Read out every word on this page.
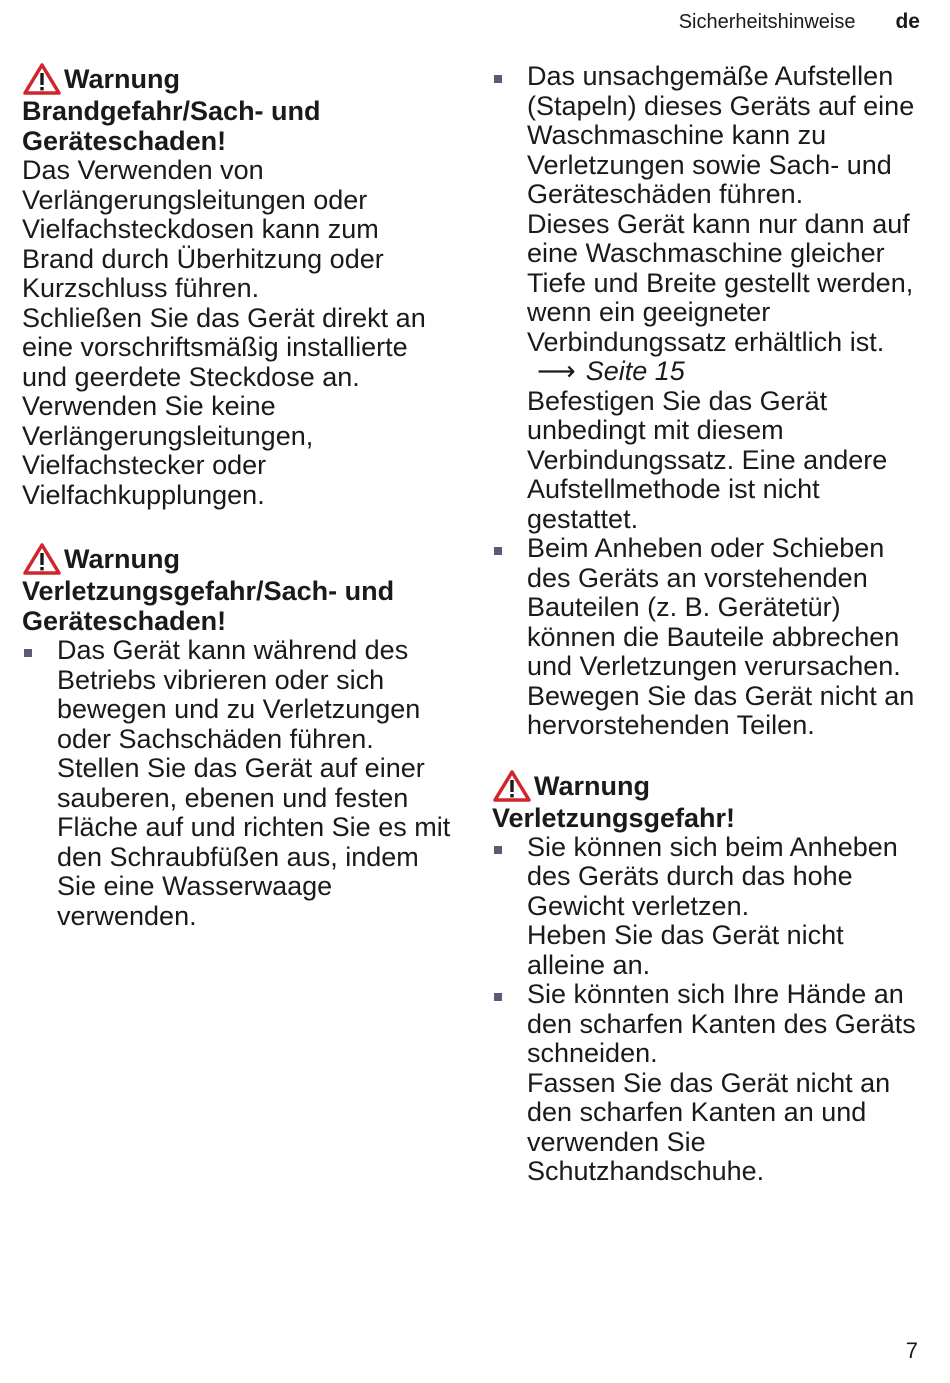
Sicherheitshinweise de
Warnung
Brandgefahr/Sach- und Geräteschaden!

Das Verwenden von Verlängerungsleitungen oder Vielfachsteckdosen kann zum Brand durch Überhitzung oder Kurzschluss führen.

Schließen Sie das Gerät direkt an eine vorschriftsmäßig installierte und geerdete Steckdose an. Verwenden Sie keine Verlängerungsleitungen, Vielfachstecker oder Vielfachkupplungen.

Warnung
Verletzungsgefahr/Sach- und Geräteschaden!

Das Gerät kann während des Betriebs vibrieren oder sich bewegen und zu Verletzungen oder Sachschäden führen.

Stellen Sie das Gerät auf einer sauberen, ebenen und festen Fläche auf und richten Sie es mit den Schraubfüßen aus, indem Sie eine Wasserwaage verwenden.

Das unsachgemäße Aufstellen (Stapeln) dieses Geräts auf eine Waschmaschine kann zu Verletzungen sowie Sach- und Geräteschäden führen.

Dieses Gerät kann nur dann auf eine Waschmaschine gleicher Tiefe und Breite gestellt werden, wenn ein geeigneter Verbindungssatz erhältlich ist.⟶ Seite 15

Befestigen Sie das Gerät unbedingt mit diesem Verbindungssatz. Eine andere Aufstellmethode ist nicht gestattet.

Beim Anheben oder Schieben des Geräts an vorstehenden Bauteilen (z. B. Gerätetür) können die Bauteile abbrechen und Verletzungen verursachen.

Bewegen Sie das Gerät nicht an hervorstehenden Teilen.

Warnung
Verletzungsgefahr!

Sie können sich beim Anheben des Geräts durch das hohe Gewicht verletzen.

Heben Sie das Gerät nicht alleine an.

Sie könnten sich Ihre Hände an den scharfen Kanten des Geräts schneiden.

Fassen Sie das Gerät nicht an den scharfen Kanten an und verwenden Sie Schutzhandschuhe.

7
